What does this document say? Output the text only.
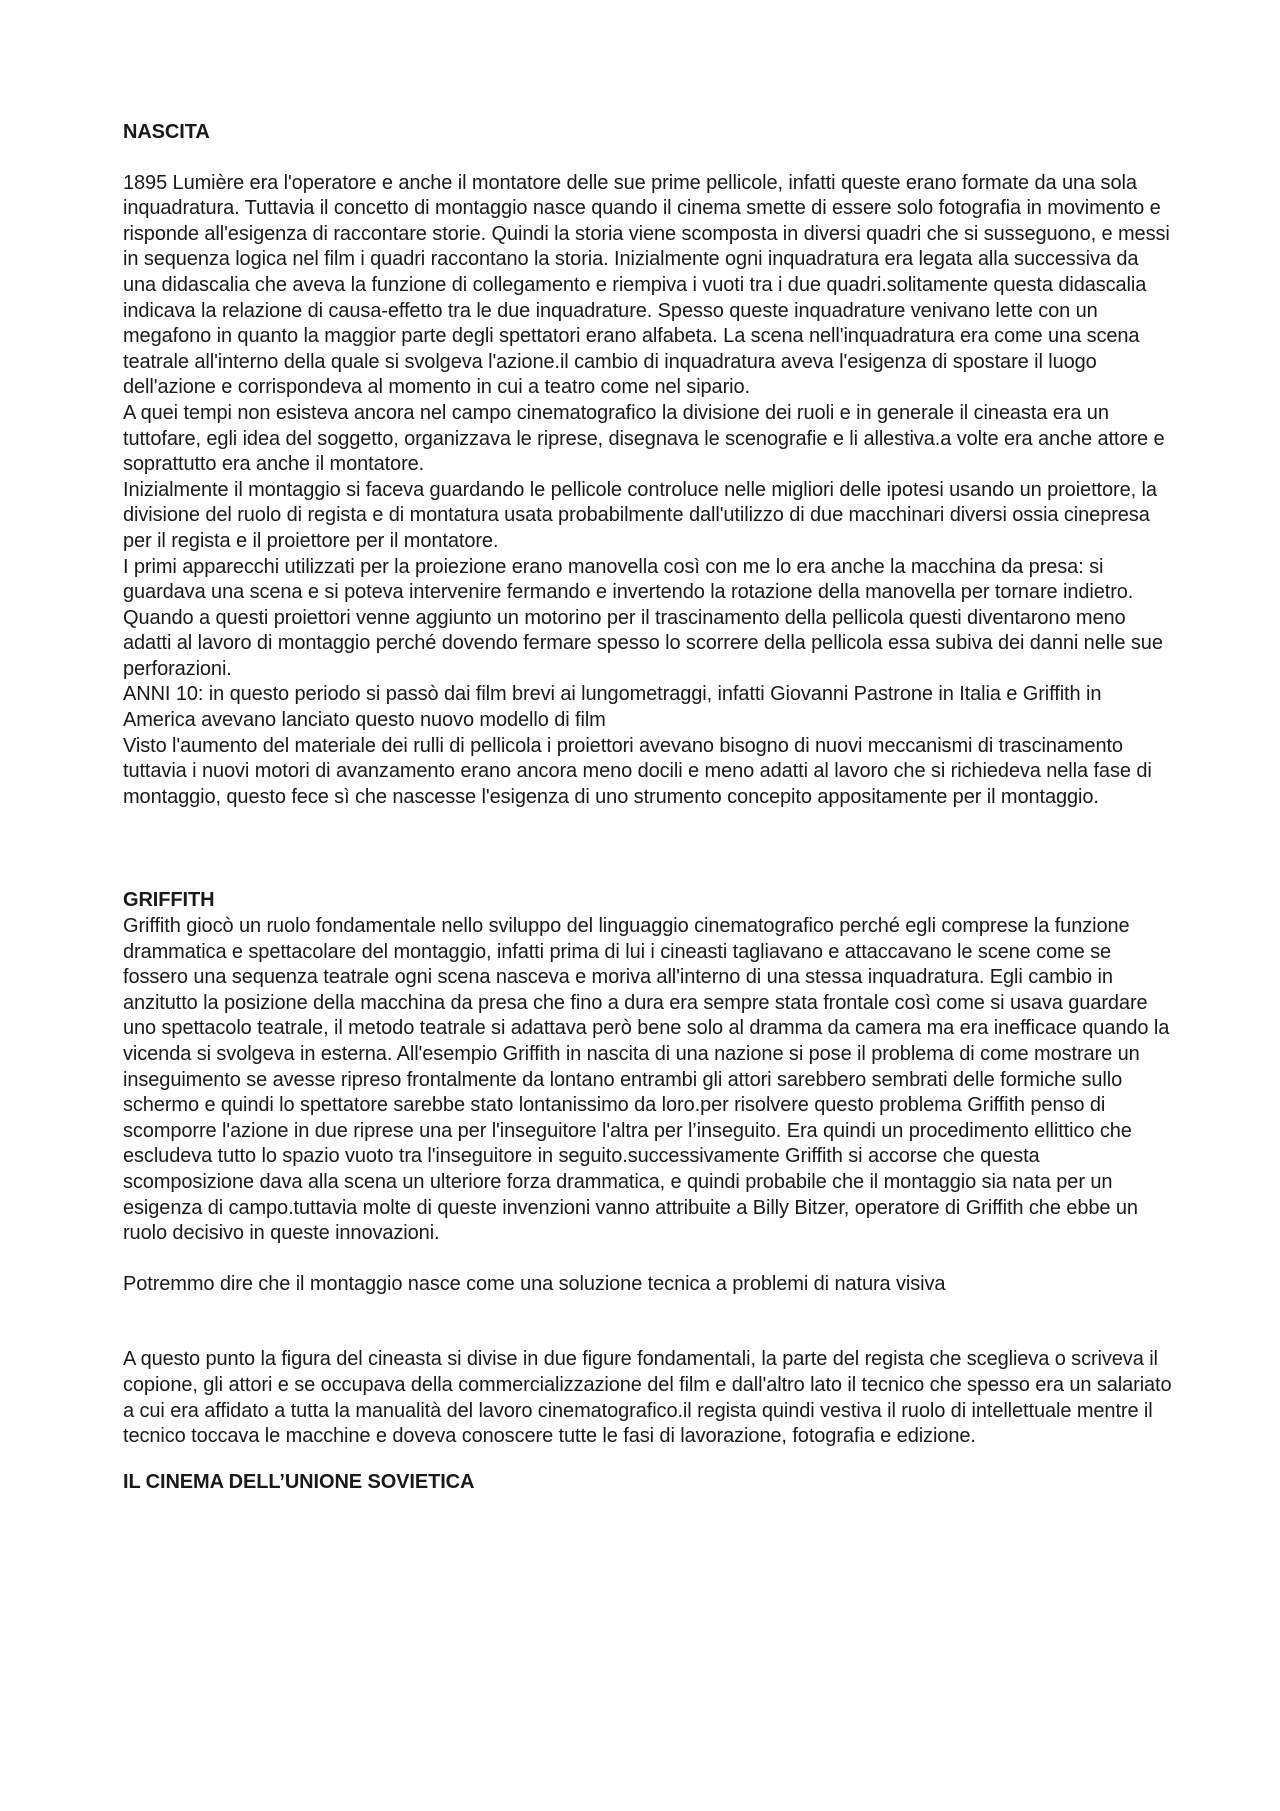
NASCITA

1895 Lumière era l'operatore e anche il montatore delle sue prime pellicole, infatti queste erano formate da una sola inquadratura. Tuttavia il concetto di montaggio nasce quando il cinema smette di essere solo fotografia in movimento e risponde all'esigenza di raccontare storie. Quindi la storia viene scomposta in diversi quadri che si susseguono, e messi in sequenza logica nel film i quadri raccontano la storia. Inizialmente ogni inquadratura era legata alla successiva da una didascalia che aveva la funzione di collegamento e riempiva i vuoti tra i due quadri.solitamente questa didascalia indicava la relazione di causa-effetto tra le due inquadrature. Spesso queste inquadrature venivano lette con un megafono in quanto la maggior parte degli spettatori erano alfabeta. La scena nell'inquadratura era come una scena teatrale all'interno della quale si svolgeva l'azione.il cambio di inquadratura aveva l'esigenza di spostare il luogo dell'azione e corrispondeva al momento in cui a teatro come nel sipario.

A quei tempi non esisteva ancora nel campo cinematografico la divisione dei ruoli e in generale il cineasta era un tuttofare, egli idea del soggetto, organizzava le riprese, disegnava le scenografie e li allestiva.a volte era anche attore e soprattutto era anche il montatore.

Inizialmente il montaggio si faceva guardando le pellicole controluce nelle migliori delle ipotesi usando un proiettore, la divisione del ruolo di regista e di montatura usata probabilmente dall'utilizzo di due macchinari diversi ossia cinepresa per il regista e il proiettore per il montatore.

I primi apparecchi utilizzati per la proiezione erano manovella così con me lo era anche la macchina da presa: si guardava una scena e si poteva intervenire fermando e invertendo la rotazione della manovella per tornare indietro. Quando a questi proiettori venne aggiunto un motorino per il trascinamento della pellicola questi diventarono meno adatti al lavoro di montaggio perché dovendo fermare spesso lo scorrere della pellicola essa subiva dei danni nelle sue perforazioni.

ANNI 10: in questo periodo si passò dai film brevi ai lungometraggi, infatti Giovanni Pastrone in Italia e Griffith in America avevano lanciato questo nuovo modello di film

Visto l'aumento del materiale dei rulli di pellicola i proiettori avevano bisogno di nuovi meccanismi di trascinamento tuttavia i nuovi motori di avanzamento erano ancora meno docili e meno adatti al lavoro che si richiedeva nella fase di montaggio, questo fece sì che nascesse l'esigenza di uno strumento concepito appositamente per il montaggio.

GRIFFITH

Griffith giocò un ruolo fondamentale nello sviluppo del linguaggio cinematografico perché egli comprese la funzione drammatica e spettacolare del montaggio, infatti prima di lui i cineasti tagliavano e attaccavano le scene come se fossero una sequenza teatrale ogni scena nasceva e moriva all'interno di una stessa inquadratura. Egli cambio in anzitutto la posizione della macchina da presa che fino a dura era sempre stata frontale così come si usava guardare uno spettacolo teatrale, il metodo teatrale si adattava però bene solo al dramma da camera ma era inefficace quando la vicenda si svolgeva in esterna. All'esempio Griffith in nascita di una nazione si pose il problema di come mostrare un inseguimento se avesse ripreso frontalmente da lontano entrambi gli attori sarebbero sembrati delle formiche sullo schermo e quindi lo spettatore sarebbe stato lontanissimo da loro.per risolvere questo problema Griffith penso di scomporre l'azione in due riprese una per l'inseguitore l'altra per l’inseguito. Era quindi un procedimento ellittico che escludeva tutto lo spazio vuoto tra l'inseguitore in seguito.successivamente Griffith si accorse che questa scomposizione dava alla scena un ulteriore forza drammatica, e quindi probabile che il montaggio sia nata per un esigenza di campo.tuttavia molte di queste invenzioni vanno attribuite a Billy Bitzer, operatore di Griffith che ebbe un ruolo decisivo in queste innovazioni.

Potremmo dire che il montaggio nasce come una soluzione tecnica a problemi di natura visiva

A questo punto la figura del cineasta si divise in due figure fondamentali, la parte del regista che sceglieva o scriveva il copione, gli attori e se occupava della commercializzazione del film e dall'altro lato il tecnico che spesso era un salariato a cui era affidato a tutta la manualità del lavoro cinematografico.il regista quindi vestiva il ruolo di intellettuale mentre il tecnico toccava le macchine e doveva conoscere tutte le fasi di lavorazione, fotografia e edizione.

IL CINEMA DELL’UNIONE SOVIETICA
